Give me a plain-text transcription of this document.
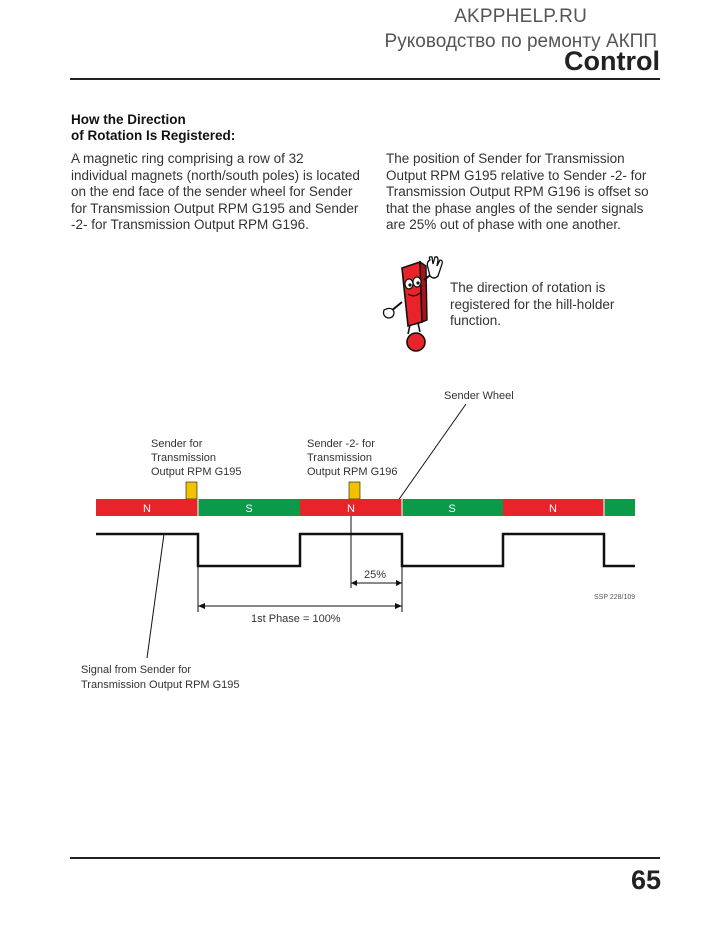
AKPPHELP.RU
Руководство по ремонту АКПП
Control
How the Direction
of Rotation Is Registered:
A magnetic ring comprising a row of 32 individual magnets (north/south poles) is located on the end face of the sender wheel for Sender for Transmission Output RPM G195 and Sender -2- for Transmission Output RPM G196.
The position of Sender for Transmission Output RPM G195 relative to Sender -2- for Transmission Output RPM G196 is offset so that the phase angles of the sender signals are 25% out of phase with one another.
The direction of rotation is registered for the hill-holder function.
Sender Wheel
Sender for Transmission Output RPM G195
Sender -2- for Transmission Output RPM G196
N	S	N	S	N
25%
1st Phase = 100%
SSP 228/109
Signal from Sender for Transmission Output RPM G195
65
